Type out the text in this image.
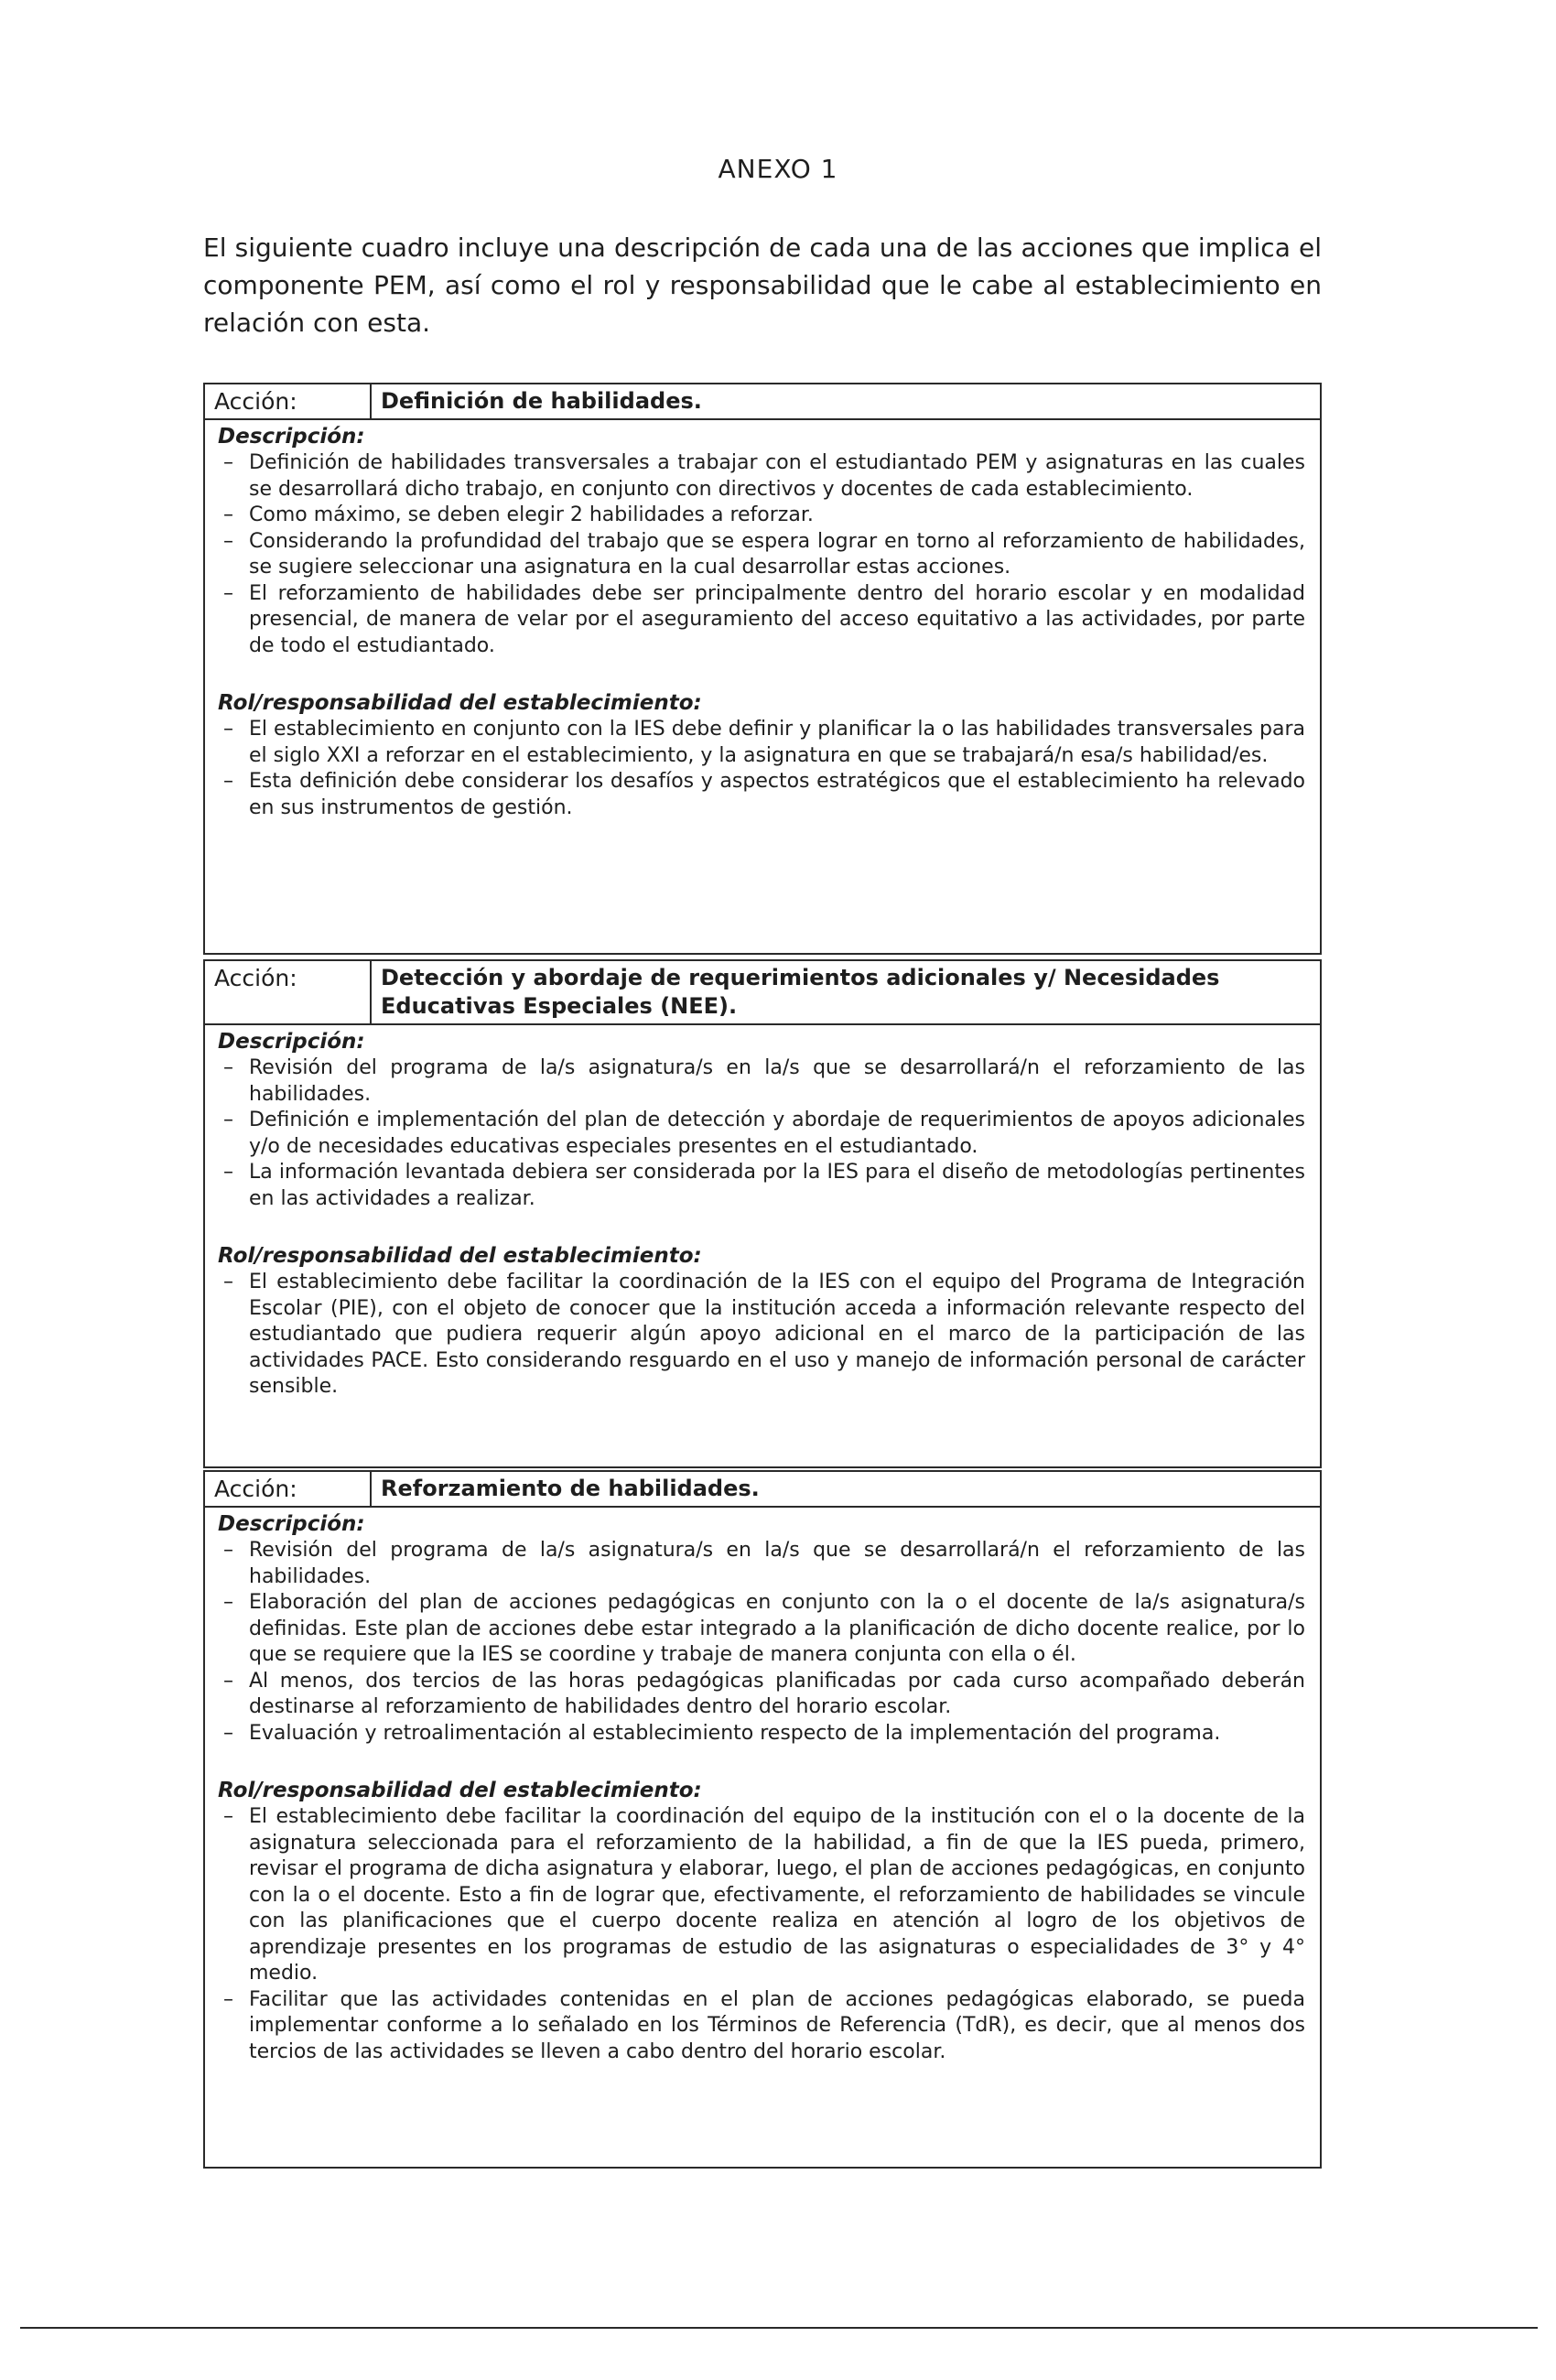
ANEXO 1

El siguiente cuadro incluye una descripción de cada una de las acciones que implica el componente PEM, así como el rol y responsabilidad que le cabe al establecimiento en relación con esta.

Acción:	Definición de habilidades.
Descripción:
– Definición de habilidades transversales a trabajar con el estudiantado PEM y asignaturas en las cuales se desarrollará dicho trabajo, en conjunto con directivos y docentes de cada establecimiento.
– Como máximo, se deben elegir 2 habilidades a reforzar.
– Considerando la profundidad del trabajo que se espera lograr en torno al reforzamiento de habilidades, se sugiere seleccionar una asignatura en la cual desarrollar estas acciones.
– El reforzamiento de habilidades debe ser principalmente dentro del horario escolar y en modalidad presencial, de manera de velar por el aseguramiento del acceso equitativo a las actividades, por parte de todo el estudiantado.
Rol/responsabilidad del establecimiento:
– El establecimiento en conjunto con la IES debe definir y planificar la o las habilidades transversales para el siglo XXI a reforzar en el establecimiento, y la asignatura en que se trabajará/n esa/s habilidad/es.
– Esta definición debe considerar los desafíos y aspectos estratégicos que el establecimiento ha relevado en sus instrumentos de gestión.
Acción:	Detección y abordaje de requerimientos adicionales y/ Necesidades Educativas Especiales (NEE).
Descripción:
– Revisión del programa de la/s asignatura/s en la/s que se desarrollará/n el reforzamiento de las habilidades.
– Definición e implementación del plan de detección y abordaje de requerimientos de apoyos adicionales y/o de necesidades educativas especiales presentes en el estudiantado.
– La información levantada debiera ser considerada por la IES para el diseño de metodologías pertinentes en las actividades a realizar.
Rol/responsabilidad del establecimiento:
– El establecimiento debe facilitar la coordinación de la IES con el equipo del Programa de Integración Escolar (PIE), con el objeto de conocer que la institución acceda a información relevante respecto del estudiantado que pudiera requerir algún apoyo adicional en el marco de la participación de las actividades PACE. Esto considerando resguardo en el uso y manejo de información personal de carácter sensible.
Acción:	Reforzamiento de habilidades.
Descripción:
– Revisión del programa de la/s asignatura/s en la/s que se desarrollará/n el reforzamiento de las habilidades.
– Elaboración del plan de acciones pedagógicas en conjunto con la o el docente de la/s asignatura/s definidas. Este plan de acciones debe estar integrado a la planificación de dicho docente realice, por lo que se requiere que la IES se coordine y trabaje de manera conjunta con ella o él.
– Al menos, dos tercios de las horas pedagógicas planificadas por cada curso acompañado deberán destinarse al reforzamiento de habilidades dentro del horario escolar.
– Evaluación y retroalimentación al establecimiento respecto de la implementación del programa.
Rol/responsabilidad del establecimiento:
– El establecimiento debe facilitar la coordinación del equipo de la institución con el o la docente de la asignatura seleccionada para el reforzamiento de la habilidad, a fin de que la IES pueda, primero, revisar el programa de dicha asignatura y elaborar, luego, el plan de acciones pedagógicas, en conjunto con la o el docente. Esto a fin de lograr que, efectivamente, el reforzamiento de habilidades se vincule con las planificaciones que el cuerpo docente realiza en atención al logro de los objetivos de aprendizaje presentes en los programas de estudio de las asignaturas o especialidades de 3° y 4° medio.
– Facilitar que las actividades contenidas en el plan de acciones pedagógicas elaborado, se pueda implementar conforme a lo señalado en los Términos de Referencia (TdR), es decir, que al menos dos tercios de las actividades se lleven a cabo dentro del horario escolar.
